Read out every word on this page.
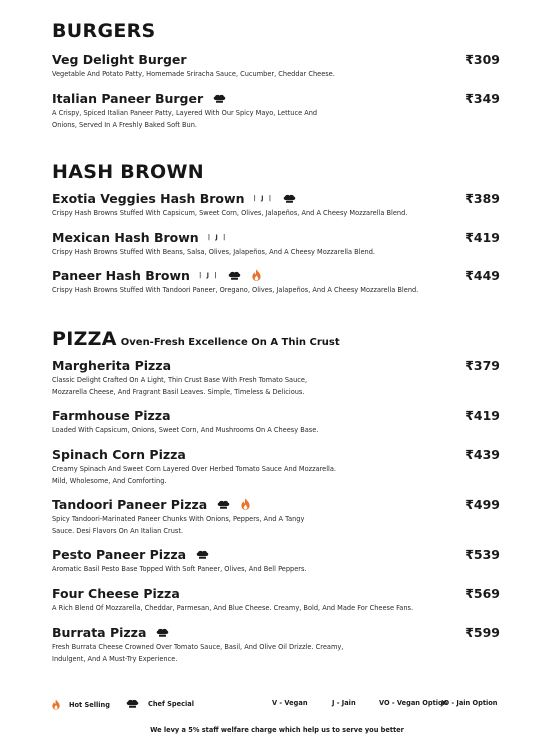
BURGERS
Veg Delight Burger	₹309
Vegetable And Potato Patty, Homemade Sriracha Sauce, Cucumber, Cheddar Cheese.
Italian Paneer Burger	₹349
A Crispy, Spiced Italian Paneer Patty, Layered With Our Spicy Mayo, Lettuce And Onions, Served In A Freshly Baked Soft Bun.
HASH BROWN
Exotia Veggies Hash Brown | J |	₹389
Crispy Hash Browns Stuffed With Capsicum, Sweet Corn, Olives, Jalapeños, And A Cheesy Mozzarella Blend.
Mexican Hash Brown | J |	₹419
Crispy Hash Browns Stuffed With Beans, Salsa, Olives, Jalapeños, And A Cheesy Mozzarella Blend.
Paneer Hash Brown | J |	₹449
Crispy Hash Browns Stuffed With Tandoori Paneer, Oregano, Olives, Jalapeños, And A Cheesy Mozzarella Blend.
PIZZA Oven-Fresh Excellence On A Thin Crust
Margherita Pizza	₹379
Classic Delight Crafted On A Light, Thin Crust Base With Fresh Tomato Sauce, Mozzarella Cheese, And Fragrant Basil Leaves. Simple, Timeless & Delicious.
Farmhouse Pizza	₹419
Loaded With Capsicum, Onions, Sweet Corn, And Mushrooms On A Cheesy Base.
Spinach Corn Pizza	₹439
Creamy Spinach And Sweet Corn Layered Over Herbed Tomato Sauce And Mozzarella. Mild, Wholesome, And Comforting.
Tandoori Paneer Pizza	₹499
Spicy Tandoori-Marinated Paneer Chunks With Onions, Peppers, And A Tangy Sauce. Desi Flavors On An Italian Crust.
Pesto Paneer Pizza	₹539
Aromatic Basil Pesto Base Topped With Soft Paneer, Olives, And Bell Peppers.
Four Cheese Pizza	₹569
A Rich Blend Of Mozzarella, Cheddar, Parmesan, And Blue Cheese. Creamy, Bold, And Made For Cheese Fans.
Burrata Pizza	₹599
Fresh Burrata Cheese Crowned Over Tomato Sauce, Basil, And Olive Oil Drizzle. Creamy, Indulgent, And A Must-Try Experience.
Hot Selling	Chef Special	V - Vegan	J - Jain	VO - Vegan Option
JO - Jain Option
We levy a 5% staff welfare charge which help us to serve you better
